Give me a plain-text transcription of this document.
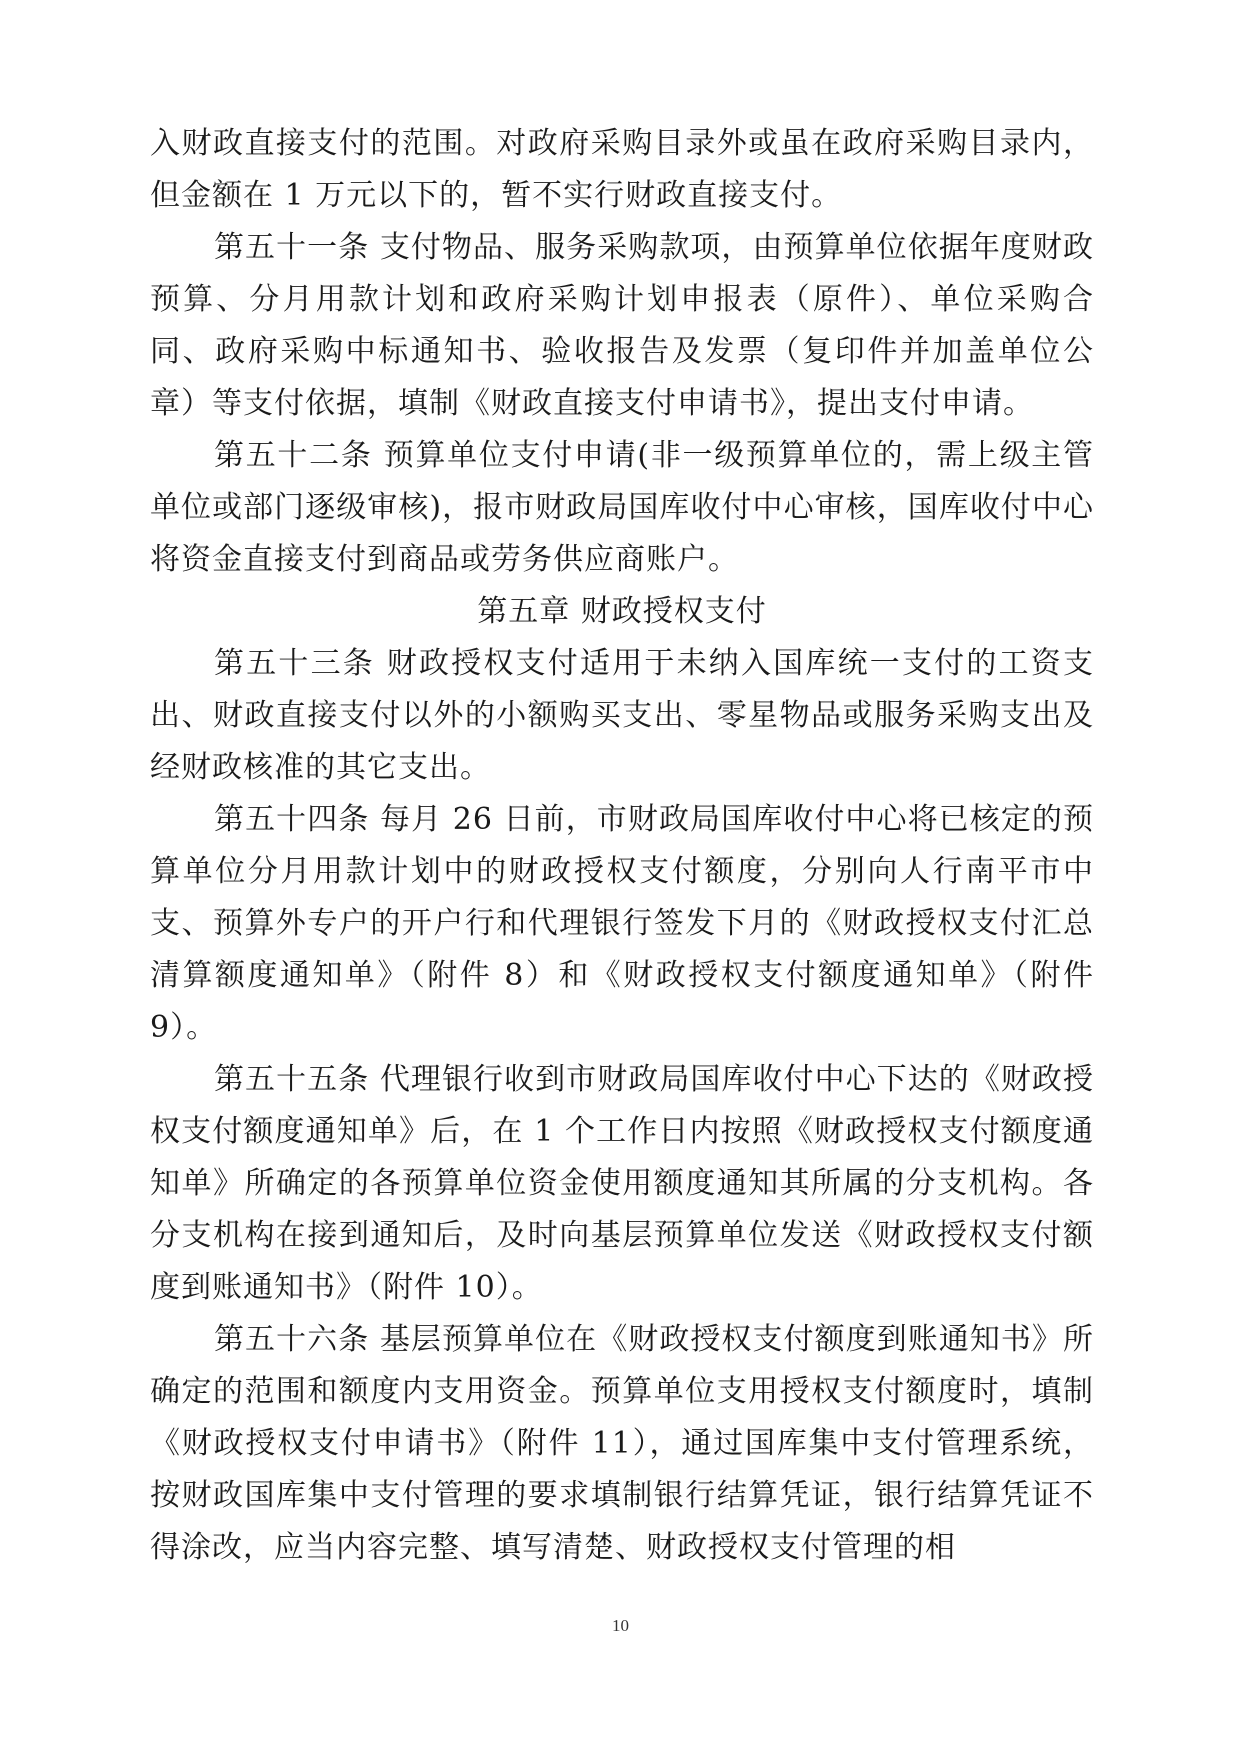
入财政直接支付的范围。对政府采购目录外或虽在政府采购目录内，但金额在 1 万元以下的，暂不实行财政直接支付。

第五十一条 支付物品、服务采购款项，由预算单位依据年度财政预算、分月用款计划和政府采购计划申报表（原件）、单位采购合同、政府采购中标通知书、验收报告及发票（复印件并加盖单位公章）等支付依据，填制《财政直接支付申请书》，提出支付申请。

第五十二条 预算单位支付申请(非一级预算单位的，需上级主管单位或部门逐级审核)，报市财政局国库收付中心审核，国库收付中心将资金直接支付到商品或劳务供应商账户。

第五章 财政授权支付

第五十三条 财政授权支付适用于未纳入国库统一支付的工资支出、财政直接支付以外的小额购买支出、零星物品或服务采购支出及经财政核准的其它支出。

第五十四条 每月 26 日前，市财政局国库收付中心将已核定的预算单位分月用款计划中的财政授权支付额度，分别向人行南平市中支、预算外专户的开户行和代理银行签发下月的《财政授权支付汇总清算额度通知单》（附件 8）和《财政授权支付额度通知单》（附件 9）。

第五十五条 代理银行收到市财政局国库收付中心下达的《财政授权支付额度通知单》后，在 1 个工作日内按照《财政授权支付额度通知单》所确定的各预算单位资金使用额度通知其所属的分支机构。各分支机构在接到通知后，及时向基层预算单位发送《财政授权支付额度到账通知书》（附件 10）。

第五十六条 基层预算单位在《财政授权支付额度到账通知书》所确定的范围和额度内支用资金。预算单位支用授权支付额度时，填制《财政授权支付申请书》（附件 11），通过国库集中支付管理系统，按财政国库集中支付管理的要求填制银行结算凭证，银行结算凭证不得涂改，应当内容完整、填写清楚、财政授权支付管理的相

10
